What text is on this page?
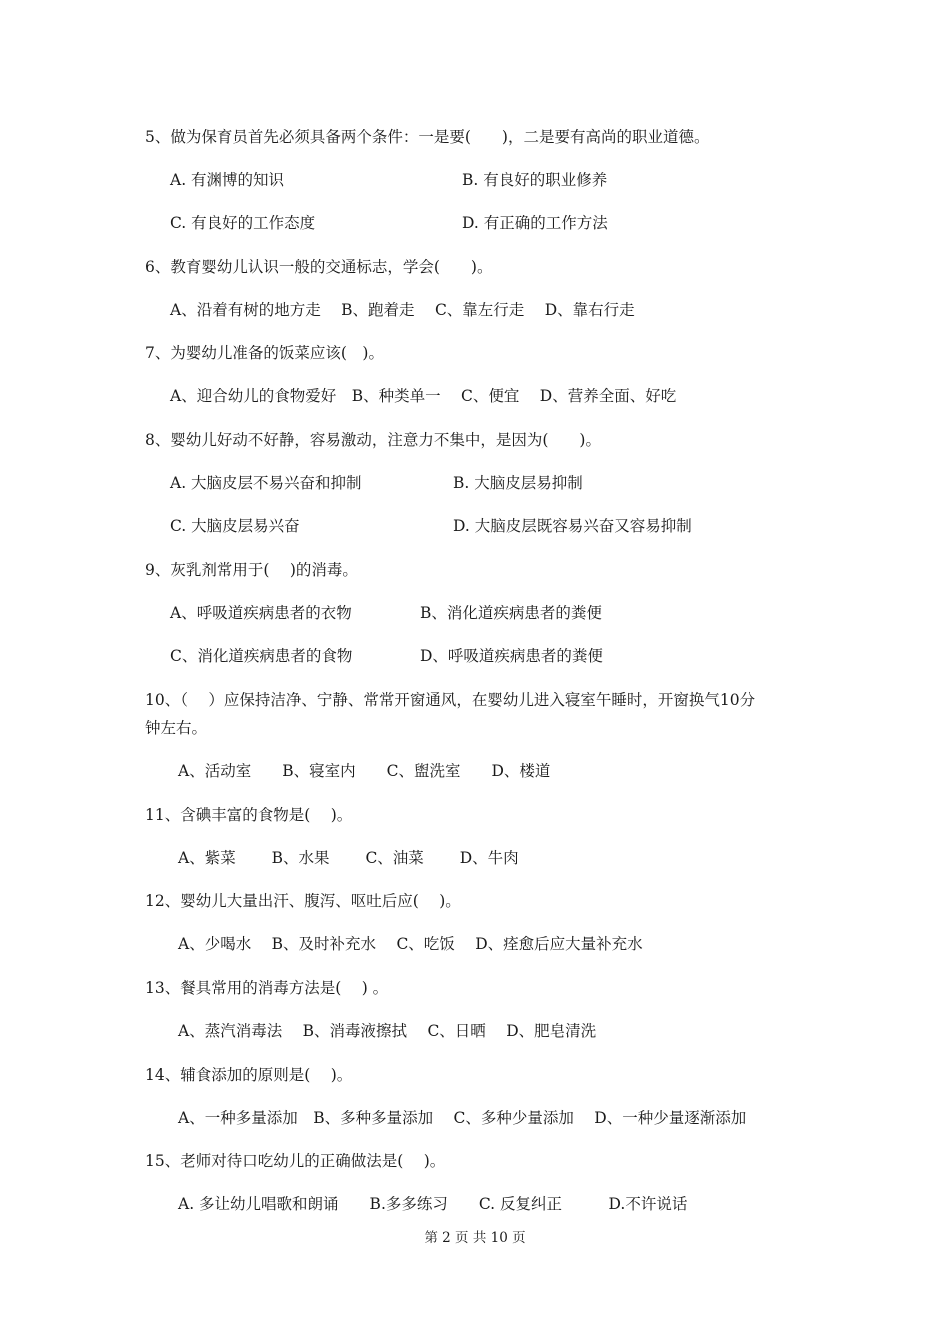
5、做为保育员首先必须具备两个条件：一是要(　　)，二是要有高尚的职业道德。
A. 有渊博的知识	B. 有良好的职业修养
C. 有良好的工作态度	D. 有正确的工作方法
6、教育婴幼儿认识一般的交通标志，学会(　　)。
A、沿着有树的地方走　 B、跑着走　 C、靠左行走　 D、靠右行走
7、为婴幼儿准备的饭菜应该(　)。
A、迎合幼儿的食物爱好　B、种类单一　 C、便宜　 D、营养全面、好吃
8、婴幼儿好动不好静，容易激动，注意力不集中，是因为(　　)。
A. 大脑皮层不易兴奋和抑制	B. 大脑皮层易抑制
C. 大脑皮层易兴奋	D. 大脑皮层既容易兴奋又容易抑制
9、灰乳剂常用于(　 )的消毒。
A、呼吸道疾病患者的衣物	B、消化道疾病患者的粪便
C、消化道疾病患者的食物	D、呼吸道疾病患者的粪便
10、（　 ）应保持洁净、宁静、常常开窗通风，在婴幼儿进入寝室午睡时，开窗换气10分
钟左右。
A、活动室　　B、寝室内　　C、盥洗室　　D、楼道
11、含碘丰富的食物是(　 )。
A、紫菜　　 B、水果　　 C、油菜　　 D、牛肉
12、婴幼儿大量出汗、腹泻、呕吐后应(　 )。
A、少喝水　 B、及时补充水　 C、吃饭　 D、痊愈后应大量补充水
13、餐具常用的消毒方法是(　 ) 。
A、蒸汽消毒法　 B、消毒液擦拭　 C、日晒　 D、肥皂清洗
14、辅食添加的原则是(　 )。
A、一种多量添加　B、多种多量添加　 C、多种少量添加　 D、一种少量逐渐添加
15、老师对待口吃幼儿的正确做法是(　 )。
A. 多让幼儿唱歌和朗诵　　B.多多练习　　C. 反复纠正　　　D.不许说话
第 2 页 共 10 页
